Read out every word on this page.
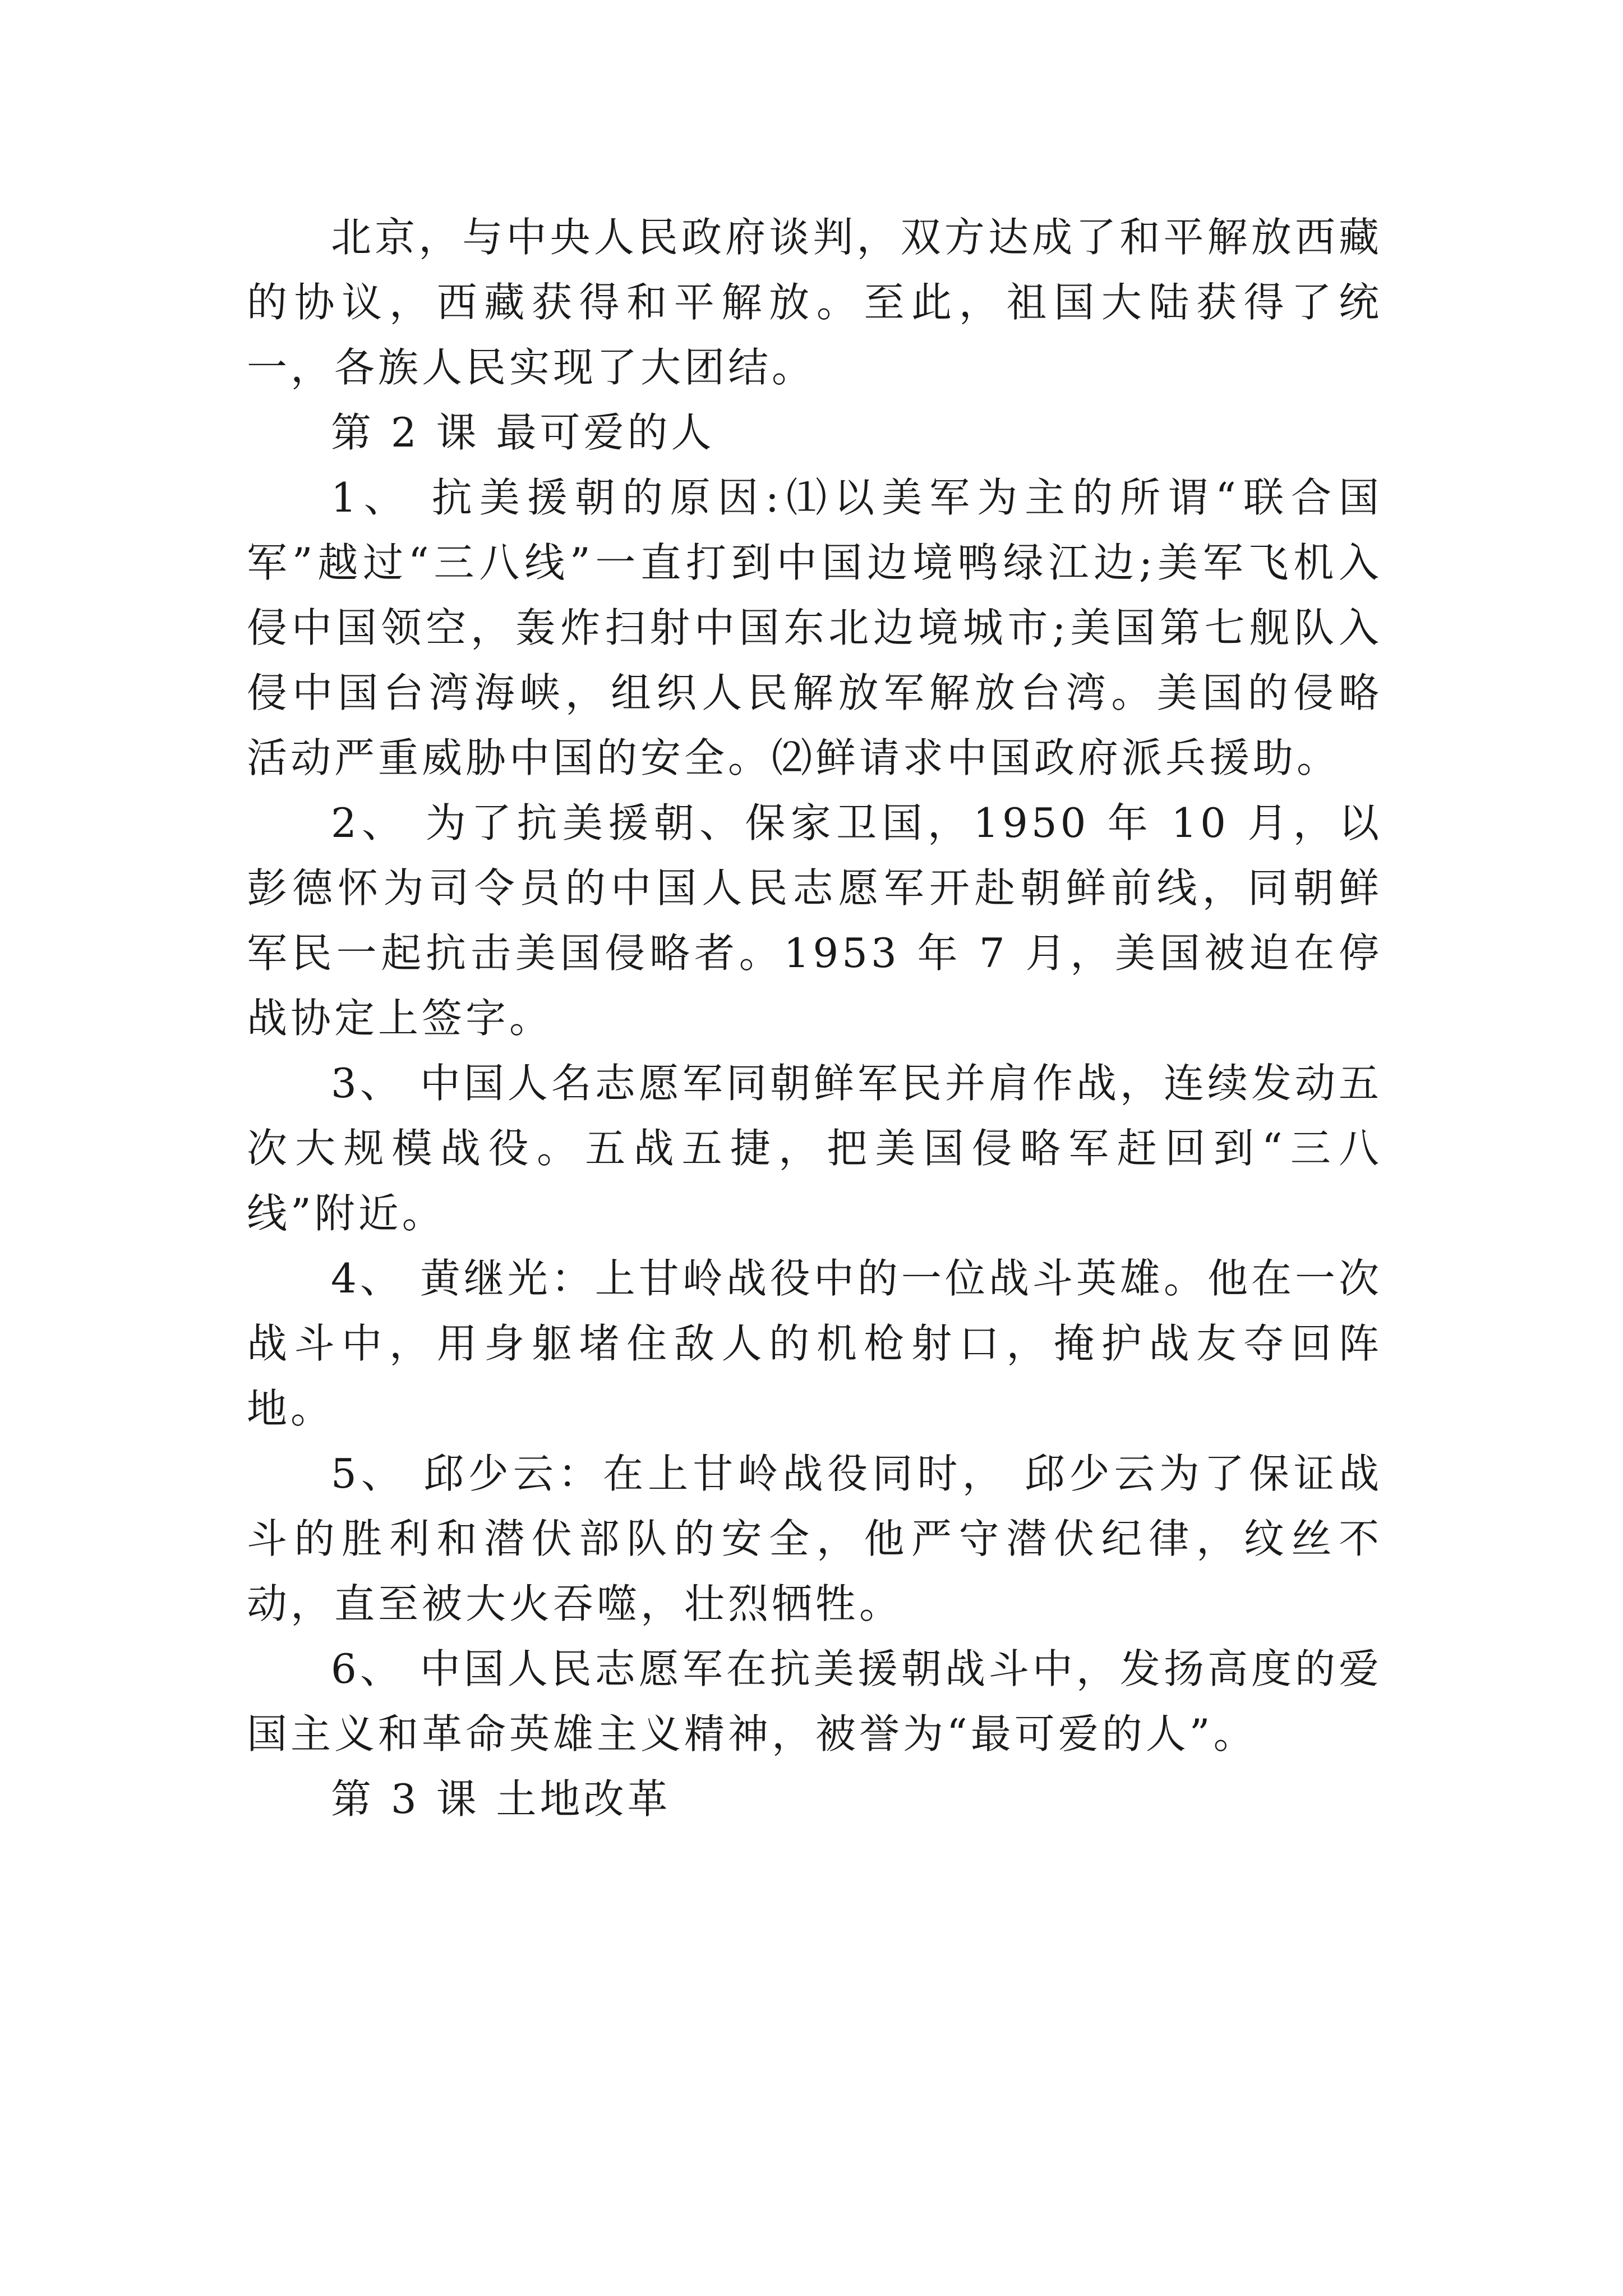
北京，与中央人民政府谈判，双方达成了和平解放西藏的协议，西藏获得和平解放。至此，祖国大陆获得了统一，各族人民实现了大团结。

第 2 课 最可爱的人

1、 抗美援朝的原因:⑴以美军为主的所谓“联合国军”越过“三八线”一直打到中国边境鸭绿江边;美军飞机入侵中国领空，轰炸扫射中国东北边境城市;美国第七舰队入侵中国台湾海峡，组织人民解放军解放台湾。美国的侵略活动严重威胁中国的安全。⑵鲜请求中国政府派兵援助。

2、 为了抗美援朝、保家卫国，1950 年 10 月，以彭德怀为司令员的中国人民志愿军开赴朝鲜前线，同朝鲜军民一起抗击美国侵略者。1953 年 7 月，美国被迫在停战协定上签字。

3、 中国人名志愿军同朝鲜军民并肩作战，连续发动五次大规模战役。五战五捷，把美国侵略军赶回到“三八线”附近。

4、 黄继光：上甘岭战役中的一位战斗英雄。他在一次战斗中，用身躯堵住敌人的机枪射口，掩护战友夺回阵地。

5、 邱少云：在上甘岭战役同时， 邱少云为了保证战斗的胜利和潜伏部队的安全，他严守潜伏纪律，纹丝不动，直至被大火吞噬，壮烈牺牲。

6、 中国人民志愿军在抗美援朝战斗中，发扬高度的爱国主义和革命英雄主义精神，被誉为“最可爱的人”。

第 3 课 土地改革
